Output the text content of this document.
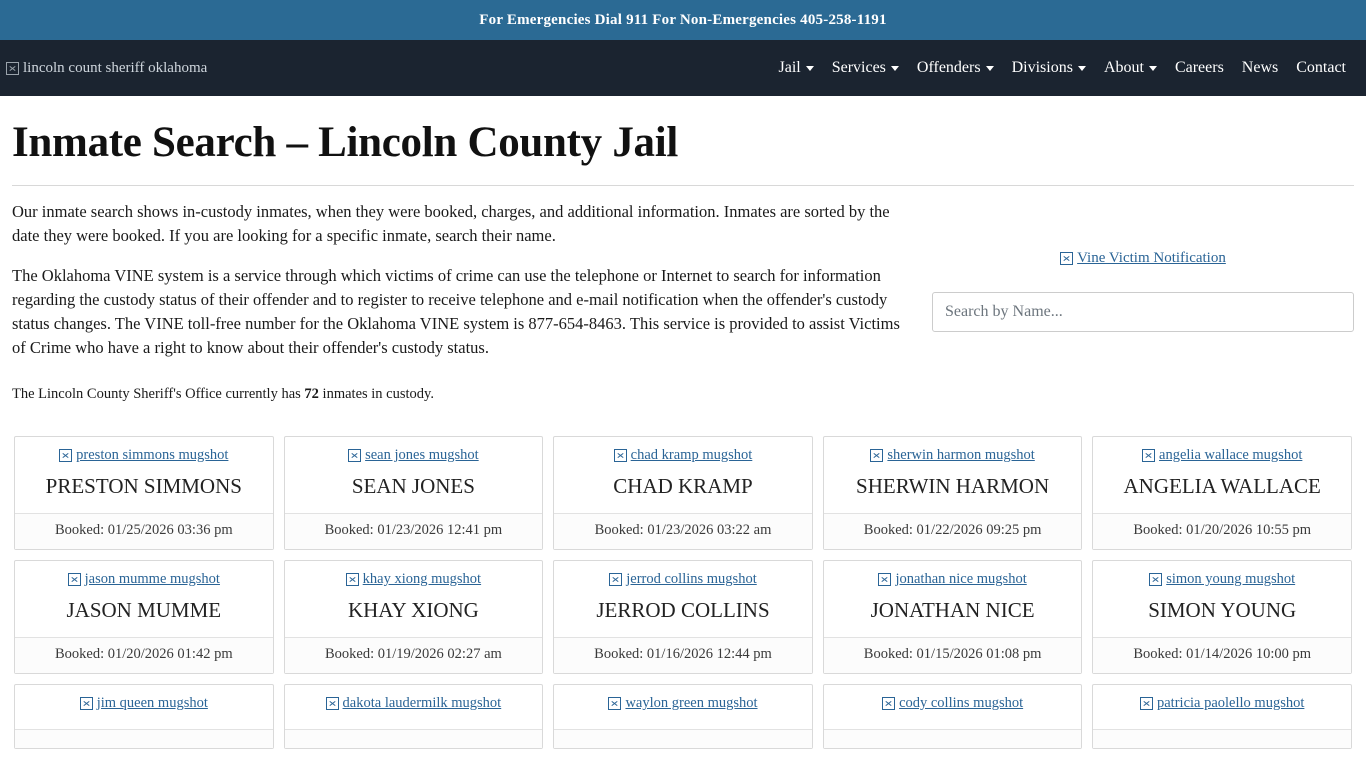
For Emergencies Dial 911 For Non-Emergencies 405-258-1191
lincoln count sheriff oklahoma	Jail Services Offenders Divisions About Careers News Contact
Inmate Search – Lincoln County Jail

Our inmate search shows in-custody inmates, when they were booked, charges, and additional information. Inmates are sorted by the date they were booked. If you are looking for a specific inmate, search their name.

The Oklahoma VINE system is a service through which victims of crime can use the telephone or Internet to search for information regarding the custody status of their offender and to register to receive telephone and e-mail notification when the offender's custody status changes. The VINE toll-free number for the Oklahoma VINE system is 877-654-8463. This service is provided to assist Victims of Crime who have a right to know about their offender's custody status.

The Lincoln County Sheriff's Office currently has 72 inmates in custody.

Vine Victim Notification
Search by Name...
preston simmons mugshot
PRESTON SIMMONS
Booked: 01/25/2026 03:36 pm
sean jones mugshot
SEAN JONES
Booked: 01/23/2026 12:41 pm
chad kramp mugshot
CHAD KRAMP
Booked: 01/23/2026 03:22 am
sherwin harmon mugshot
SHERWIN HARMON
Booked: 01/22/2026 09:25 pm
angelia wallace mugshot
ANGELIA WALLACE
Booked: 01/20/2026 10:55 pm
jason mumme mugshot
JASON MUMME
Booked: 01/20/2026 01:42 pm
khay xiong mugshot
KHAY XIONG
Booked: 01/19/2026 02:27 am
jerrod collins mugshot
JERROD COLLINS
Booked: 01/16/2026 12:44 pm
jonathan nice mugshot
JONATHAN NICE
Booked: 01/15/2026 01:08 pm
simon young mugshot
SIMON YOUNG
Booked: 01/14/2026 10:00 pm
jim queen mugshot	dakota laudermilk mugshot	waylon green mugshot	cody collins mugshot	patricia paolello mugshot
